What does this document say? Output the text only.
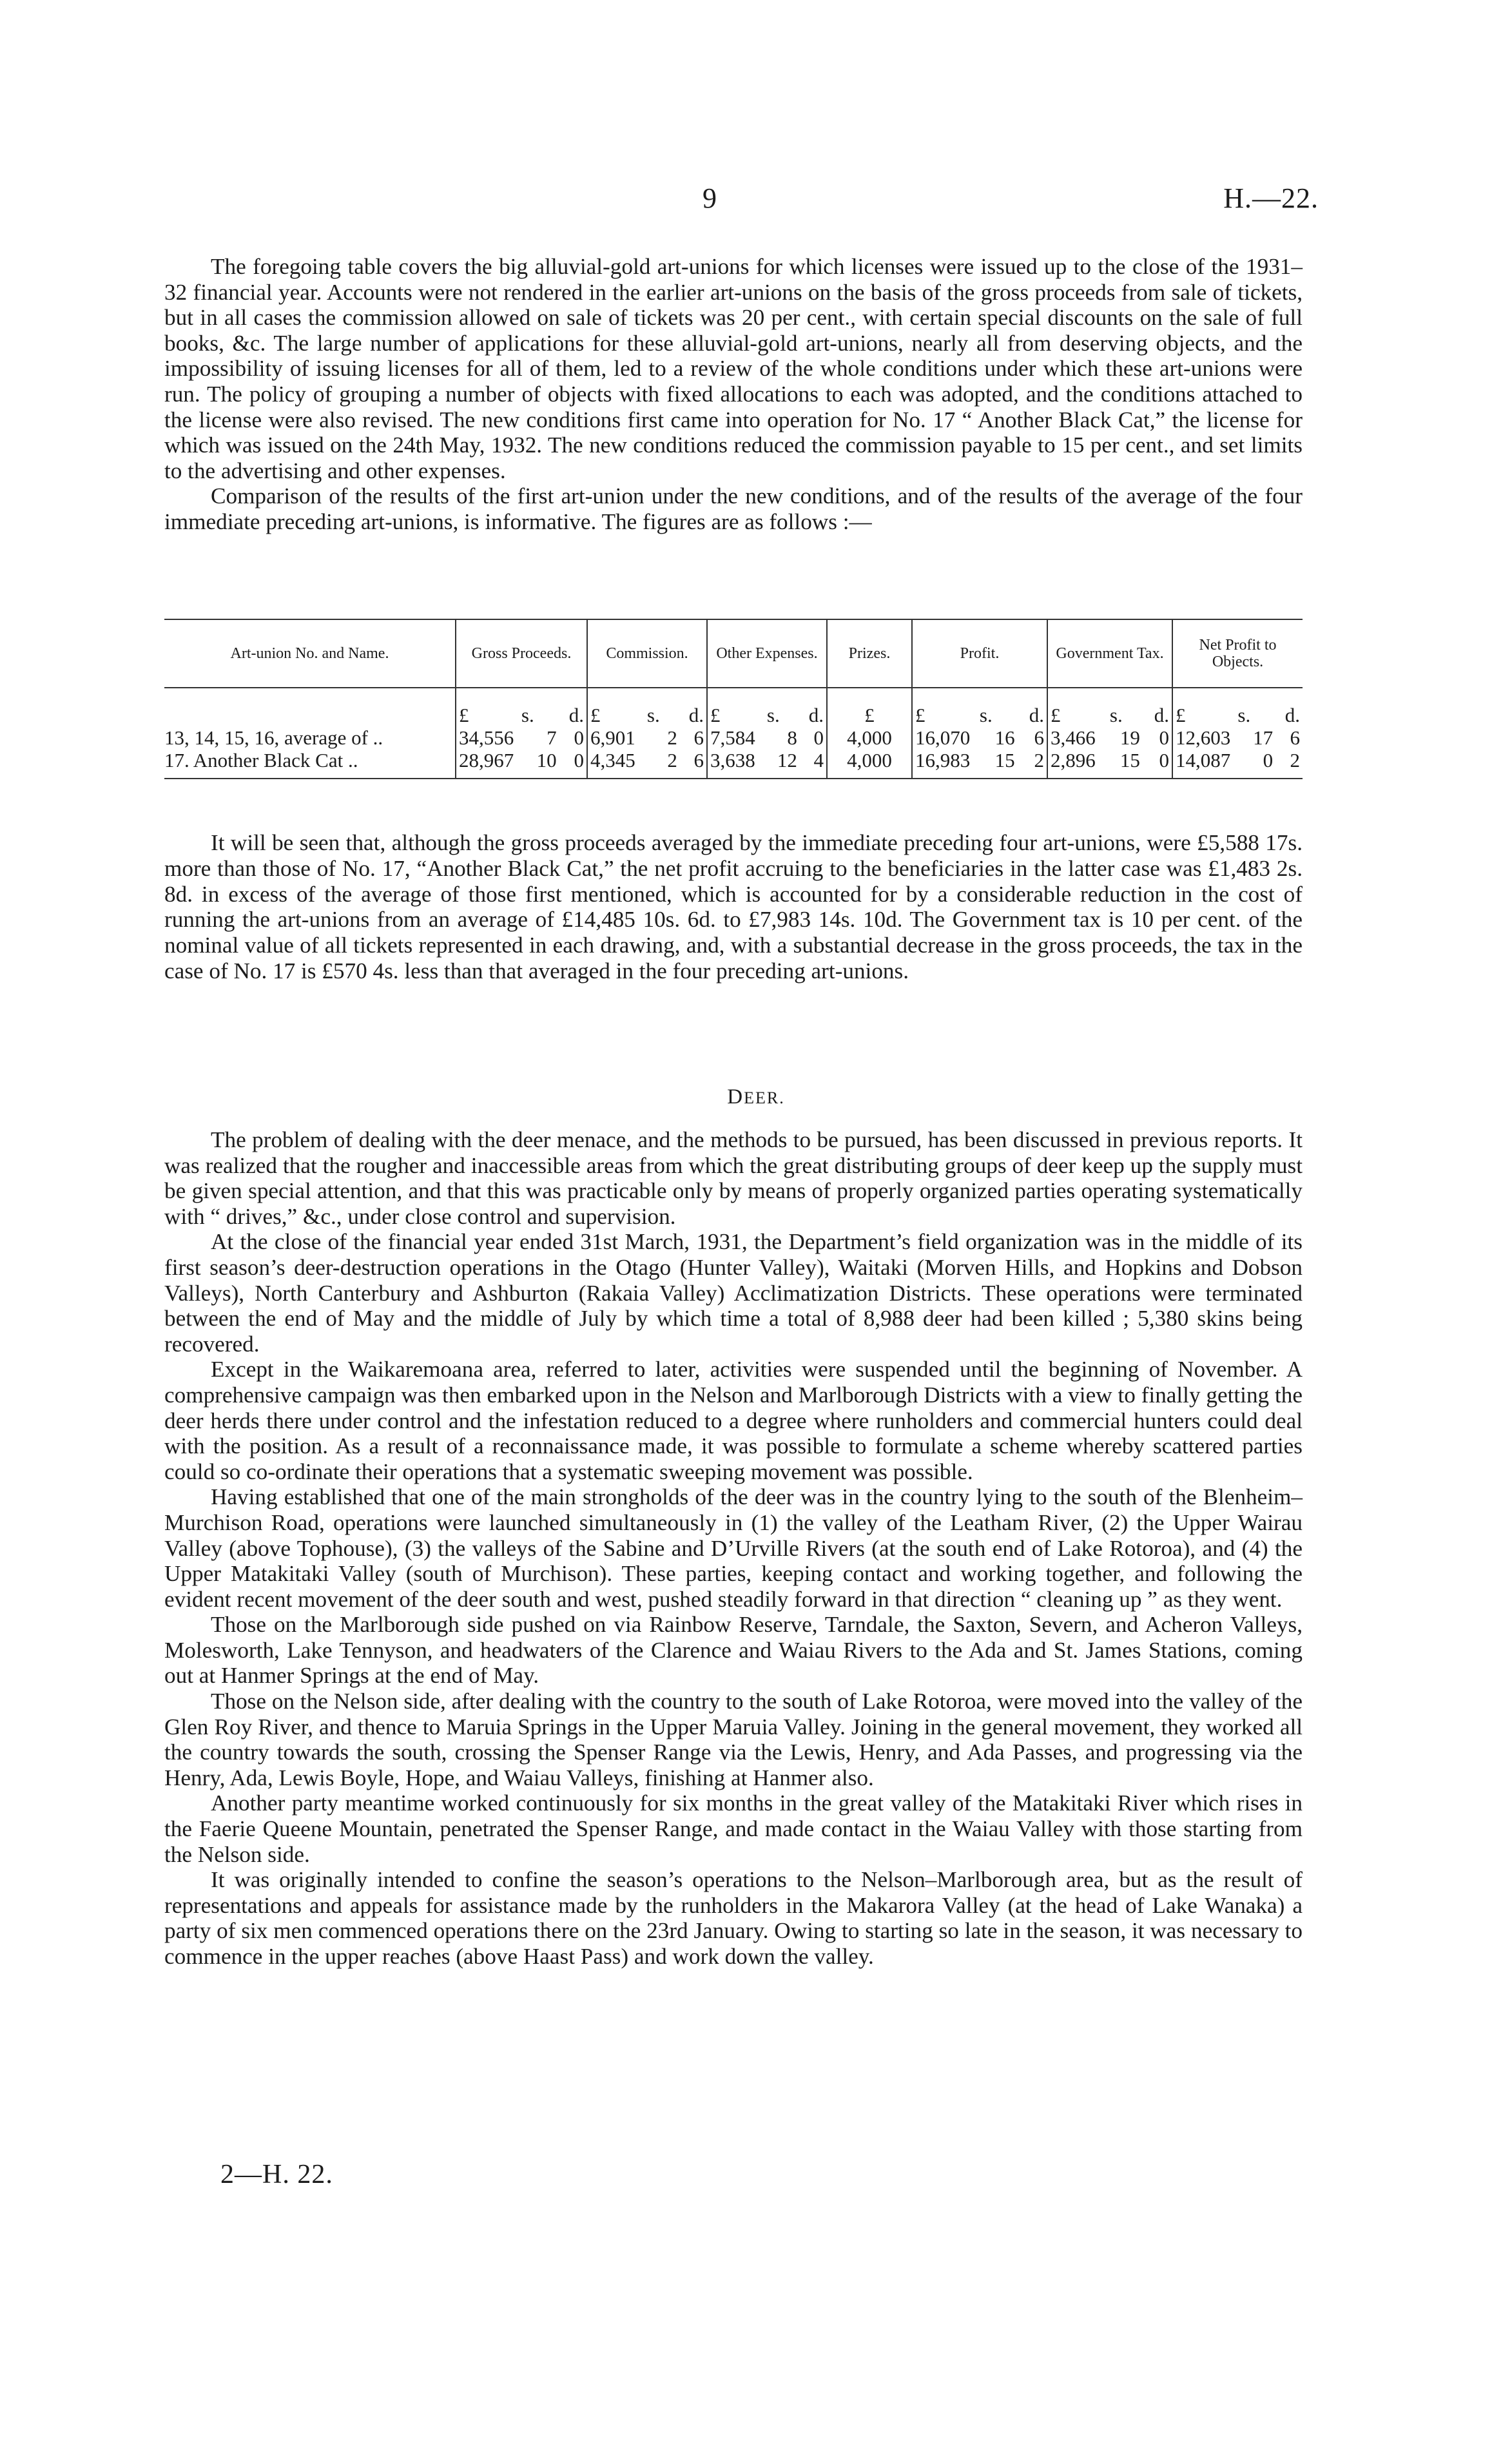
9	H.—22.

The foregoing table covers the big alluvial-gold art-unions for which licenses were issued up to the close of the 1931–32 financial year. Accounts were not rendered in the earlier art-unions on the basis of the gross proceeds from sale of tickets, but in all cases the commission allowed on sale of tickets was 20 per cent., with certain special discounts on the sale of full books, &c. The large number of applications for these alluvial-gold art-unions, nearly all from deserving objects, and the impossibility of issuing licenses for all of them, led to a review of the whole conditions under which these art-unions were run. The policy of grouping a number of objects with fixed allocations to each was adopted, and the conditions attached to the license were also revised. The new conditions first came into operation for No. 17 “ Another Black Cat,” the license for which was issued on the 24th May, 1932. The new conditions reduced the commission payable to 15 per cent., and set limits to the advertising and other expenses.

Comparison of the results of the first art-union under the new conditions, and of the results of the average of the four immediate preceding art-unions, is informative. The figures are as follows :—

Art-union No. and Name.	Gross Proceeds.	Commission.	Other Expenses.	Prizes.	Profit.	Government Tax.	Net Profit to Objects.

	£ s. d.	£ s. d.	£ s. d.	£	£ s. d.	£ s. d.	£ s. d.

13, 14, 15, 16, average of ..	34,556 7 0	6,901 2 6	7,584 8 0	4,000	16,070 16 6	3,466 19 0	12,603 17 6

17. Another Black Cat ..	28,967 10 0	4,345 2 6	3,638 12 4	4,000	16,983 15 2	2,896 15 0	14,087 0 2

It will be seen that, although the gross proceeds averaged by the immediate preceding four art-unions, were £5,588 17s. more than those of No. 17, “Another Black Cat,” the net profit accruing to the beneficiaries in the latter case was £1,483 2s. 8d. in excess of the average of those first mentioned, which is accounted for by a considerable reduction in the cost of running the art-unions from an average of £14,485 10s. 6d. to £7,983 14s. 10d. The Government tax is 10 per cent. of the nominal value of all tickets represented in each drawing, and, with a substantial decrease in the gross proceeds, the tax in the case of No. 17 is £570 4s. less than that averaged in the four preceding art-unions.

DEER.

The problem of dealing with the deer menace, and the methods to be pursued, has been discussed in previous reports. It was realized that the rougher and inaccessible areas from which the great distributing groups of deer keep up the supply must be given special attention, and that this was practicable only by means of properly organized parties operating systematically with “ drives,” &c., under close control and supervision.

At the close of the financial year ended 31st March, 1931, the Department’s field organization was in the middle of its first season’s deer-destruction operations in the Otago (Hunter Valley), Waitaki (Morven Hills, and Hopkins and Dobson Valleys), North Canterbury and Ashburton (Rakaia Valley) Acclimatization Districts. These operations were terminated between the end of May and the middle of July by which time a total of 8,988 deer had been killed ; 5,380 skins being recovered.

Except in the Waikaremoana area, referred to later, activities were suspended until the beginning of November. A comprehensive campaign was then embarked upon in the Nelson and Marlborough Districts with a view to finally getting the deer herds there under control and the infestation reduced to a degree where runholders and commercial hunters could deal with the position. As a result of a reconnaissance made, it was possible to formulate a scheme whereby scattered parties could so co-ordinate their operations that a systematic sweeping movement was possible.

Having established that one of the main strongholds of the deer was in the country lying to the south of the Blenheim–Murchison Road, operations were launched simultaneously in (1) the valley of the Leatham River, (2) the Upper Wairau Valley (above Tophouse), (3) the valleys of the Sabine and D’Urville Rivers (at the south end of Lake Rotoroa), and (4) the Upper Matakitaki Valley (south of Murchison). These parties, keeping contact and working together, and following the evident recent movement of the deer south and west, pushed steadily forward in that direction “ cleaning up ” as they went.

Those on the Marlborough side pushed on via Rainbow Reserve, Tarndale, the Saxton, Severn, and Acheron Valleys, Molesworth, Lake Tennyson, and headwaters of the Clarence and Waiau Rivers to the Ada and St. James Stations, coming out at Hanmer Springs at the end of May.

Those on the Nelson side, after dealing with the country to the south of Lake Rotoroa, were moved into the valley of the Glen Roy River, and thence to Maruia Springs in the Upper Maruia Valley. Joining in the general movement, they worked all the country towards the south, crossing the Spenser Range via the Lewis, Henry, and Ada Passes, and progressing via the Henry, Ada, Lewis Boyle, Hope, and Waiau Valleys, finishing at Hanmer also.

Another party meantime worked continuously for six months in the great valley of the Matakitaki River which rises in the Faerie Queene Mountain, penetrated the Spenser Range, and made contact in the Waiau Valley with those starting from the Nelson side.

It was originally intended to confine the season’s operations to the Nelson–Marlborough area, but as the result of representations and appeals for assistance made by the runholders in the Makarora Valley (at the head of Lake Wanaka) a party of six men commenced operations there on the 23rd January. Owing to starting so late in the season, it was necessary to commence in the upper reaches (above Haast Pass) and work down the valley.

2—H. 22.
